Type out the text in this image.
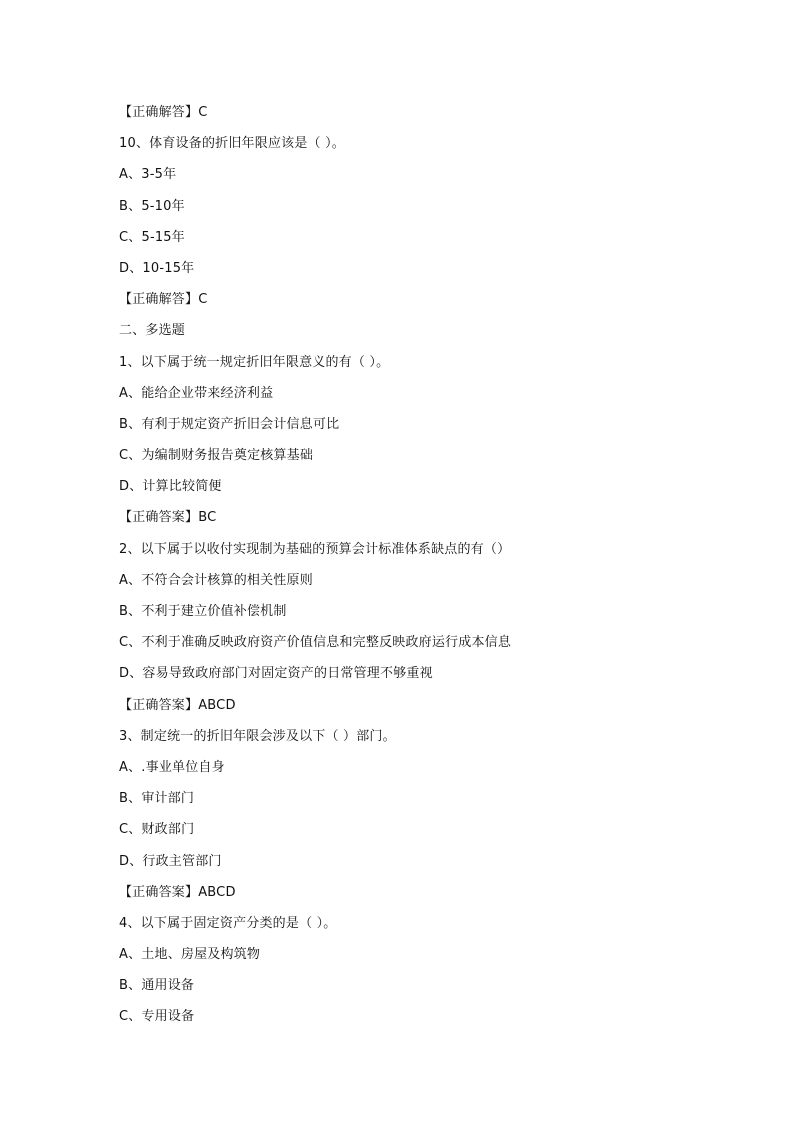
【正确解答】C
10、体育设备的折旧年限应该是（ ）。
A、3-5年
B、5-10年
C、5-15年
D、10-15年
【正确解答】C
二、多选题
1、以下属于统一规定折旧年限意义的有（ ）。
A、能给企业带来经济利益
B、有利于规定资产折旧会计信息可比
C、为编制财务报告奠定核算基础
D、计算比较简便
【正确答案】BC
2、以下属于以收付实现制为基础的预算会计标准体系缺点的有（）
A、不符合会计核算的相关性原则
B、不利于建立价值补偿机制
C、不利于准确反映政府资产价值信息和完整反映政府运行成本信息
D、容易导致政府部门对固定资产的日常管理不够重视
【正确答案】ABCD
3、制定统一的折旧年限会涉及以下（ ）部门。
A、.事业单位自身
B、审计部门
C、财政部门
D、行政主管部门
【正确答案】ABCD
4、以下属于固定资产分类的是（ ）。
A、土地、房屋及构筑物
B、通用设备
C、专用设备
